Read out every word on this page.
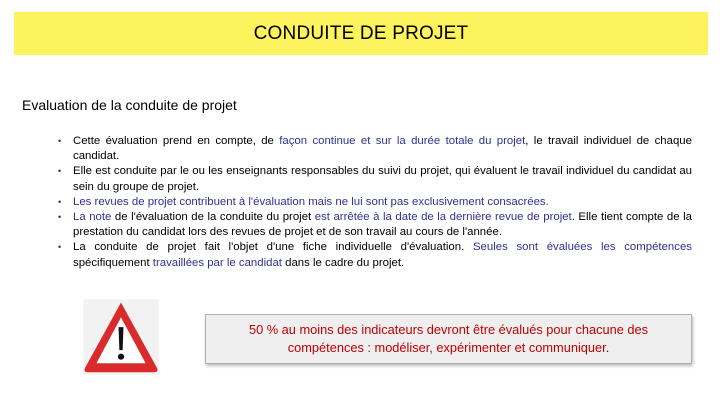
CONDUITE DE PROJET
Evaluation de la conduite de projet
• Cette évaluation prend en compte, de façon continue et sur la durée totale du projet, le travail individuel de chaque candidat.
• Elle est conduite par le ou les enseignants responsables du suivi du projet, qui évaluent le travail individuel du candidat au sein du groupe de projet.
• Les revues de projet contribuent à l'évaluation mais ne lui sont pas exclusivement consacrées.
• La note de l'évaluation de la conduite du projet est arrêtée à la date de la dernière revue de projet. Elle tient compte de la prestation du candidat lors des revues de projet et de son travail au cours de l'année.
• La conduite de projet fait l'objet d'une fiche individuelle d'évaluation. Seules sont évaluées les compétences spécifiquement travaillées par le candidat dans le cadre du projet.
50 % au moins des indicateurs devront être évalués pour chacune des compétences : modéliser, expérimenter et communiquer.
